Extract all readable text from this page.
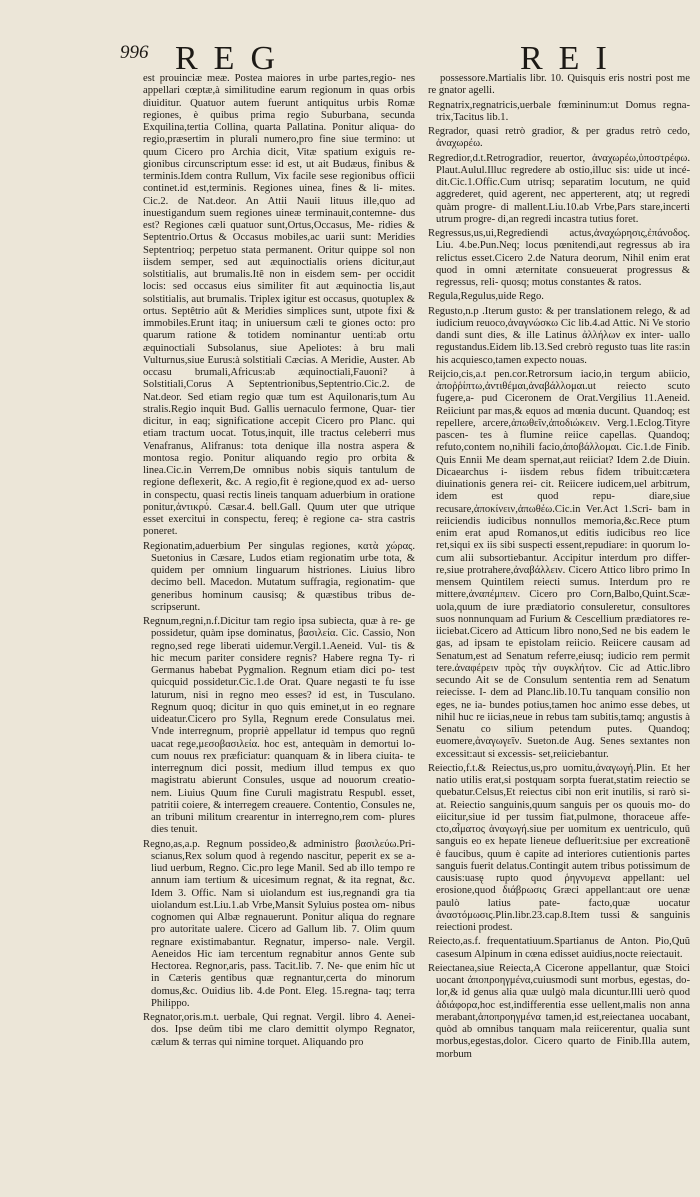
996 REG	REI

est prouinciæ meæ. Postea maiores in urbe partes,regio- nes appellari cœptæ,à similitudine earum regionum in quas orbis diuiditur. Quatuor autem fuerunt antiquitus urbis Romæ regiones, è quibus prima regio Suburbana, secunda Exquilina,tertia Collina, quarta Pallatina. Ponitur aliqua- do regio,præsertim in plurali numero,pro fine siue termino: ut quum Cicero pro Archia dicit, Vitæ spatium exiguis re- gionibus circunscriptum esse: id est, ut ait Budæus, finibus & terminis.Idem contra Rullum, Vix facile sese regionibus officii continet.id est,terminis. Regiones uinea, fines & li- mites. Cic.2. de Nat.deor. An Attii Nauii lituus ille,quo ad inuestigandum suem regiones uineæ terminauit,contemne- dus est? Regiones cæli quatuor sunt,Ortus,Occasus, Me- ridies & Septentrio.Ortus & Occasus mobiles,ac uarii sunt: Meridies Septentrioq; perpetuo stata permanent. Oritur quippe sol non iisdem semper, sed aut æquinoctialis oriens dicitur,aut solstitialis, aut brumalis.Itê non in eisdem sem- per occidit locis: sed occasus eius similiter fit aut æquinoctia lis,aut solstitialis, aut brumalis. Triplex igitur est occasus, quotuplex & ortus. Septêtrio aût & Meridies simplices sunt, utpote fixi & immobiles.Erunt itaq; in uniuersum cæli te giones octo: pro quarum ratione & totidem nominantur uenti:ab ortu æquinoctiali Subsolanus, siue Apeliotes: à bru mali Vulturnus,siue Eurus:à solstitiali Cæcias. A Meridie, Auster. Ab occasu brumali,Africus:ab æquinoctiali,Fauoni? à Solstitiali,Corus A Septentrionibus,Septentrio.Cic.2. de Nat.deor. Sed etiam regio quæ tum est Aquilonaris,tum Au stralis.Regio inquit Bud. Gallis uernaculo fermone, Quar- tier dicitur, in eaq; significatione accepit Cicero pro Planc. qui etiam tractum uocat. Totus,inquit, ille tractus celeberri mus Venafranus, Alifranus: tota denique illa nostra aspera & montosa regio. Ponitur aliquando regio pro orbita & linea.Cic.in Verrem,De omnibus nobis siquis tantulum de regione deflexerit, &c. A regio,fit è regione,quod ex ad- uerso in conspectu, quasi rectis lineis tanquam aduerbium in oratione ponitur,ἀντικρύ. Cæsar.4. bell.Gall. Quum uter que utrique esset exercitui in conspectu, fereq; è regione ca- stra castris poneret.

Regionatim,aduerbium Per singulas regiones, κατὰ χώρας. Suetonius in Cæsare, Ludos etiam regionatim urbe tota, & quidem per omnium linguarum histriones. Liuius libro decimo bell. Macedon. Mutatum suffragia, regionatim- que generibus hominum causisq; & quæstibus tribus de- scripserunt.

Regnum,regni,n.f.Dicitur tam regio ipsa subiecta, quæ à re- ge possidetur, quàm ipse dominatus, βασιλεία. Cic. Cassio, Non regno,sed rege liberati uidemur.Vergil.1.Aeneid. Vul- tis & hic mecum pariter considere regnis? Habere regna Ty- ri Germanus habebat Pygmalion. Regnum etiam dici po- test quicquid possidetur.Cic.1.de Orat. Quare negasti te fu isse laturum, nisi in regno meo esses? id est, in Tusculano. Regnum quoq; dicitur in quo quis eminet,ut in eo regnare uideatur.Cicero pro Sylla, Regnum erede Consulatus mei. Vnde interregnum, propriè appellatur id tempus quo regnū uacat rege,μεσοβασιλεία. hoc est, antequàm in demortui lo- cum nouus rex præficiatur: quanquam & in libera ciuita- te interregnum dici possit, medium illud tempus ex quo magistratu abierunt Consules, usque ad nouorum creatio- nem. Liuius Quum fine Curuli magistratu Respubl. esset, patritii coiere, & interregem creauere. Contentio, Consules ne, an tribuni militum crearentur in interregno,rem com- plures dies tenuit.

Regno,as,a.p. Regnum possideo,& administro βασιλεύω.Pri- scianus,Rex solum quod à regendo nascitur, peperit ex se a- liud uerbum, Regno. Cic.pro lege Manil. Sed ab illo tempo re annum iam tertium & uicesimum regnat, & ita regnat, &c. Idem 3. Offic. Nam si uiolandum est ius,regnandi gra tia uiolandum est.Liu.1.ab Vrbe,Mansit Syluius postea om- nibus cognomen qui Albæ regnauerunt. Ponitur aliqua do regnare pro autoritate ualere. Cicero ad Gallum lib. 7. Olim quum regnare existimabantur. Regnatur, imperso- nale. Vergil. Aeneidos Hic iam tercentum regnabitur annos Gente sub Hectorea. Regnor,aris, pass. Tacit.lib. 7. Ne- que enim hîc ut in Cæteris gentibus quæ regnantur,certa do minorum domus,&c. Ouidius lib. 4.de Pont. Eleg. 15.regna- taq; terra Philippo.

Regnator,oris.m.t. uerbale, Qui regnat. Vergil. libro 4. Aenei- dos. Ipse deûm tibi me claro demittit olympo Regnator, cælum & terras qui nimine torquet. Aliquando pro

possessore.Martialis libr. 10. Quisquis eris nostri post me re gnator agelli.

Regnatrix,regnatricis,uerbale fœmininum:ut Domus regna- trix,Tacitus lib.1.

Regrador, quasi retrò gradior, & per gradus retrò cedo, ἀναχωρέω.

Regredior,d.t.Retrogradior, reuertor, ἀναχωρέω,ὑποστρέφω. Plaut.Aulul.Illuc regredere ab ostio,illuc sis: uide ut incé- dit.Cic.1.Offic.Cum utrisq; separatim locutum, ne quid aggrederet, quid agerent, nec apperterent, atq; ut regredi quàm progre- di mallent.Liu.10.ab Vrbe,Pars stare,incerti utrum progre- di,an regredi incastra tutius foret.

Regressus,us,ui,Regrediendi actus,ἀναχώρησις,ἐπάνοδος. Liu. 4.be.Pun.Neq; locus pœnitendi,aut regressus ab ira relictus esset.Cicero 2.de Natura deorum, Nihil enim erat quod in omni æternitate consueuerat progressus & regressus, reli- quosq; motus constantes & ratos.

Regula,Regulus,uide Rego.

Regusto,n.p .Iterum gusto: & per translationem relego, & ad iudicium reuoco,ἀναγνώσκω Cic lib.4.ad Attic. Ni Ve storio dandi sunt dies, & ille Latinus ἀλλήλων ex inter- uallo regustandus.Eidem lib.13.Sed crebrò regusto tuas lite ras:in his acquiesco,tamen expecto nouas.

Reijcio,cis,a.t pen.cor.Retrorsum iacio,in tergum abiicio, ἀποῤῥίπτω,ἀντιθέμαι,ἀναβάλλομαι.ut reiecto scuto fugere,a- pud Ciceronem de Orat.Vergilius 11.Aeneid. Reiiciunt par mas,& equos ad mœnia ducunt. Quandoq; est repellere, arcere,ἀπωθεῖν,ἀποδιώκειν. Verg.1.Eclog.Tityre pascen- tes à flumine reiice capellas. Quandoq; refuto,contem no,nihili facio,ἀποβάλλομαι. Cic.1.de Finib. Quis Ennii Me deam spernat,aut reiiciat? Idem 2.de Diuin. Dicaearchus i- iisdem rebus fidem tribuit:cætera diuinationis genera rei- cit. Reiicere iudicem,uel arbitrum, idem est quod repu- diare,siue recusare,ἀποκίνειν,ἀπωθέω.Cic.in Ver.Act 1.Scri- bam in reiiciendis iudicibus nonnullos memoria,&c.Rece ptum enim erat apud Romanos,ut editis iudicibus reo lice ret,siqui ex iis sibi suspecti essent,repudiare: in quorum lo- cum alii subsortiebantur. Accipitur interdum pro differ- re,siue protrahere,ἀναβάλλειν. Cicero Attico libro primo In mensem Quintilem reiecti sumus. Interdum pro re mittere,ἀναπέμπειν. Cicero pro Corn,Balbo,Quint.Scæ- uola,quum de iure prædiatorio consuleretur, consultores suos nonnunquam ad Furium & Cescellium prædiatores re- iiciebat.Cicero ad Atticum libro nono,Sed ne bis eadem le gas, ad ipsam te epistolam reiicio. Reiicere causam ad Senatum,est ad Senatum referre,eiusq; iudicio rem permit tere.ἀναφέρειν πρὸς τὴν συγκλήτον. Cic ad Attic.libro secundo Ait se de Consulum sententia rem ad Senatum reiecisse. I- dem ad Planc.lib.10.Tu tanquam consilio non eges, ne ia- bundes potius,tamen hoc animo esse debes, ut nihil huc re iicias,neue in rebus tam subitis,tamq; angustis à Senatu co silium petendum putes. Quandoq; euomere,ἀναγωγεῖν. Sueton.de Aug. Senes sextantes non excessit:aut si excessis- set,reiiciebantur.

Reiectio,f.t.& Reiectus,us,pro uomitu,ἀναγωγή.Plin. Et her natio utilis erat,si postquam sorpta fuerat,statim reiectio se quebatur.Celsus,Et reiectus cibi non erit inutilis, si rarò si- at. Reiectio sanguinis,quum sanguis per os quouis mo- do eiicitur,siue id per tussim fiat,pulmone, thoraceue affe- cto,αἷματος ἀναγωγή.siue per uomitum ex uentriculo, quū sanguis eo ex hepate lieneue defluerit:siue per excreationē è faucibus, quum è capite ad interiores cutientionis partes sanguis fuerit delatus.Contingit autem tribus potissimum de causis:uasę rupto quod ῥηγνυμενα appellant: uel erosione,quod διάβρωσις Græci appellant:aut ore uenæ paulò latius pate- facto,quæ uocatur ἀναστόμωσις.Plin.libr.23.cap.8.Item tussi & sanguinis reiectioni prodest.

Reiecto,as.f. frequentatiuum.Spartianus de Anton. Pio,Quũ casesum Alpinum in cœna edisset auidius,nocte reiectauit.

Reiectanea,siue Reiecta,A Cicerone appellantur, quæ Stoici uocant ἀποπροηγμένα,cuiusmodi sunt morbus, egestas, do- lor,& id genus alia quæ uulgò mala dicuntur.Illi uerò quod ἀδιάφορα,hoc est,indifferentia esse uellent,malis non anna merabant,ἀποπροηγμένα tamen,id est,reiectanea uocabant, quòd ab omnibus tanquam mala reiicerentur, qualia sunt morbus,egestas,dolor. Cicero quarto de Finib.Illa autem, morbum
